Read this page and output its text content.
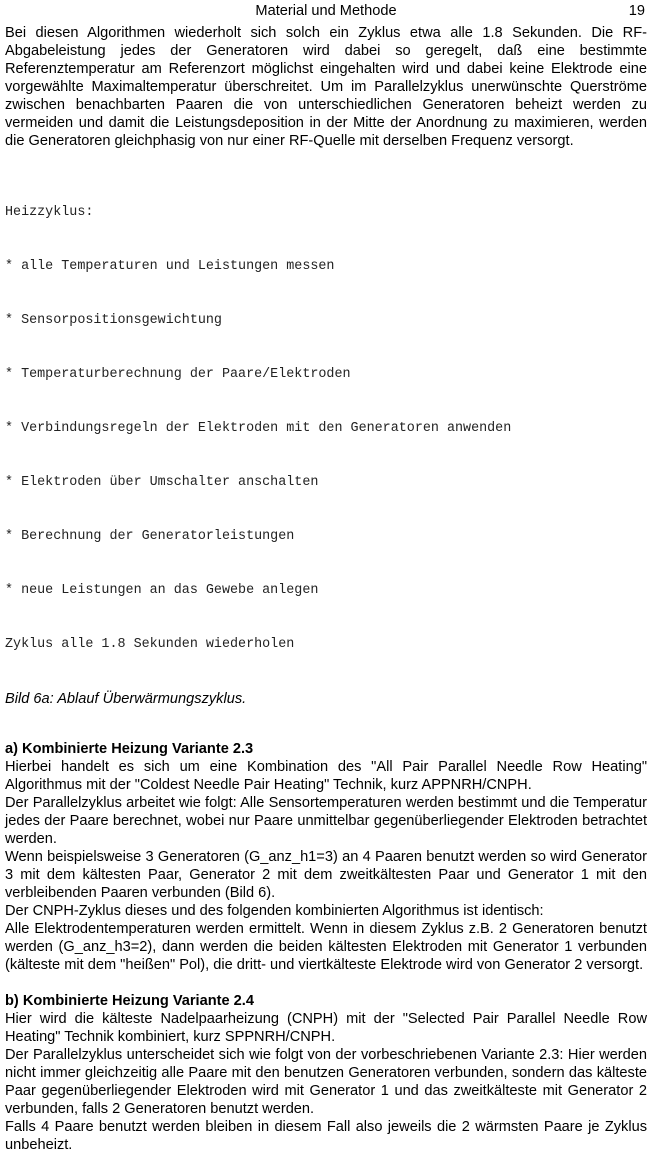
Material und Methode	19

Bei diesen Algorithmen wiederholt sich solch ein Zyklus etwa alle 1.8 Sekunden. Die RF-Abgabeleistung jedes der Generatoren wird dabei so geregelt, daß eine bestimmte Referenztemperatur am Referenzort möglichst eingehalten wird und dabei keine Elektrode eine vorgewählte Maximaltemperatur überschreitet. Um im Parallelzyklus unerwünschte Querströme zwischen benachbarten Paaren die von unterschiedlichen Generatoren beheizt werden zu vermeiden und damit die Leistungsdeposition in der Mitte der Anordnung zu maximieren, werden die Generatoren gleichphasig von nur einer RF-Quelle mit derselben Frequenz versorgt.

Heizzyklus:

* alle Temperaturen und Leistungen messen

* Sensorpositionsgewichtung

* Temperaturberechnung der Paare/Elektroden

* Verbindungsregeln der Elektroden mit den Generatoren anwenden

* Elektroden über Umschalter anschalten

* Berechnung der Generatorleistungen

* neue Leistungen an das Gewebe anlegen

Zyklus alle 1.8 Sekunden wiederholen

Bild 6a: Ablauf Überwärmungszyklus.
a) Kombinierte Heizung Variante 2.3

Hierbei handelt es sich um eine Kombination des "All Pair Parallel Needle Row Heating" Algorithmus mit der "Coldest Needle Pair Heating" Technik, kurz APPNRH/CNPH.

Der Parallelzyklus arbeitet wie folgt: Alle Sensortemperaturen werden bestimmt und die Temperatur jedes der Paare berechnet, wobei nur Paare unmittelbar gegenüberliegender Elektroden betrachtet werden.

Wenn beispielsweise 3 Generatoren (G_anz_h1=3) an 4 Paaren benutzt werden so wird Generator 3 mit dem kältesten Paar, Generator 2 mit dem zweitkältesten Paar und Generator 1 mit den verbleibenden Paaren verbunden (Bild 6).

Der CNPH-Zyklus dieses und des folgenden kombinierten Algorithmus ist identisch:

Alle Elektrodentemperaturen werden ermittelt. Wenn in diesem Zyklus z.B. 2 Generatoren benutzt werden (G_anz_h3=2), dann werden die beiden kältesten Elektroden mit Generator 1 verbunden (kälteste mit dem "heißen" Pol), die dritt- und viertkälteste Elektrode wird von Generator 2 versorgt.

b) Kombinierte Heizung Variante 2.4

Hier wird die kälteste Nadelpaarheizung (CNPH) mit der "Selected Pair Parallel Needle Row Heating" Technik kombiniert, kurz SPPNRH/CNPH.

Der Parallelzyklus unterscheidet sich wie folgt von der vorbeschriebenen Variante 2.3: Hier werden nicht immer gleichzeitig alle Paare mit den benutzen Generatoren verbunden, sondern das kälteste Paar gegenüberliegender Elektroden wird mit Generator 1 und das zweitkälteste mit Generator 2 verbunden, falls 2 Generatoren benutzt werden.

Falls 4 Paare benutzt werden bleiben in diesem Fall also jeweils die 2 wärmsten Paare je Zyklus unbeheizt.
